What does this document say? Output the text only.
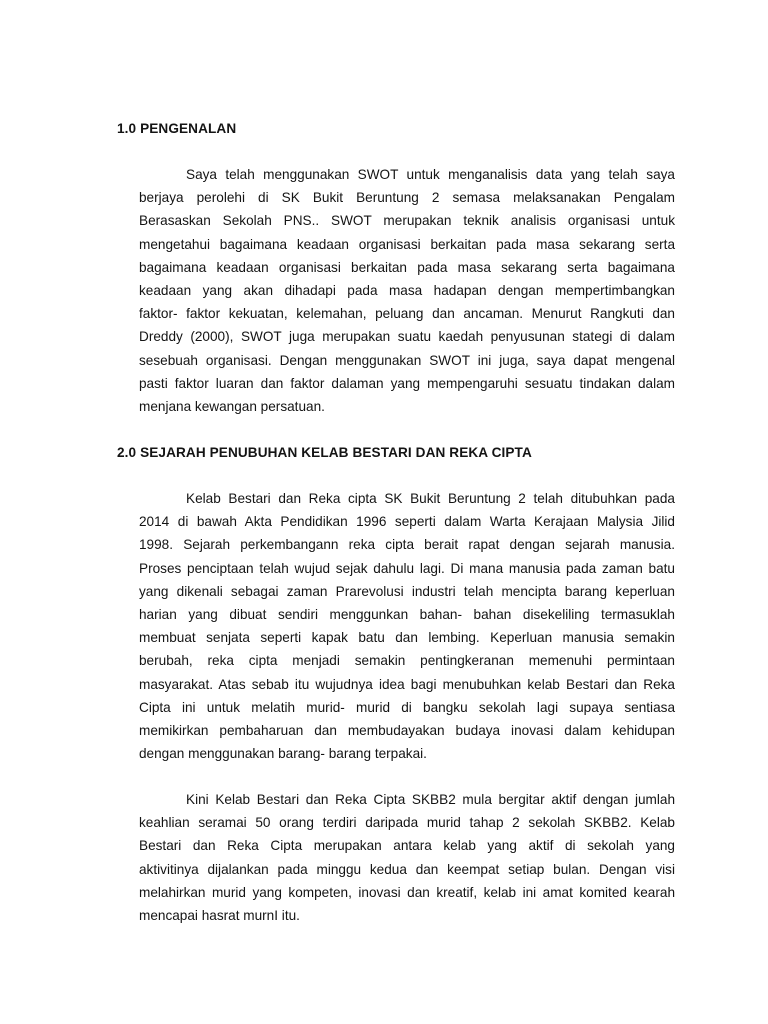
1.0 PENGENALAN
Saya telah menggunakan SWOT untuk menganalisis data yang telah saya
berjaya perolehi di SK Bukit Beruntung 2 semasa melaksanakan Pengalam
Berasaskan Sekolah PNS.. SWOT merupakan teknik analisis organisasi untuk
mengetahui bagaimana keadaan organisasi berkaitan pada masa sekarang serta
bagaimana keadaan organisasi berkaitan pada masa sekarang serta bagaimana
keadaan yang akan dihadapi pada masa hadapan dengan mempertimbangkan
faktor- faktor kekuatan, kelemahan, peluang dan ancaman. Menurut Rangkuti dan
Dreddy (2000), SWOT juga merupakan suatu kaedah penyusunan stategi di dalam
sesebuah organisasi. Dengan menggunakan SWOT ini juga, saya dapat mengenal
pasti faktor luaran dan faktor dalaman yang mempengaruhi sesuatu tindakan dalam
menjana kewangan persatuan.
2.0 SEJARAH PENUBUHAN KELAB BESTARI DAN REKA CIPTA
Kelab Bestari dan Reka cipta SK Bukit Beruntung 2 telah ditubuhkan pada
2014 di bawah Akta Pendidikan 1996 seperti dalam Warta Kerajaan Malysia Jilid
1998. Sejarah perkembangann reka cipta berait rapat dengan sejarah manusia.
Proses penciptaan telah wujud sejak dahulu lagi. Di mana manusia pada zaman batu
yang dikenali sebagai zaman Prarevolusi industri telah mencipta barang keperluan
harian yang dibuat sendiri menggunkan bahan- bahan disekeliling termasuklah
membuat senjata seperti kapak batu dan lembing. Keperluan manusia semakin
berubah, reka cipta menjadi semakin pentingkeranan memenuhi permintaan
masyarakat. Atas sebab itu wujudnya idea bagi menubuhkan kelab Bestari dan Reka
Cipta ini untuk melatih murid- murid di bangku sekolah lagi supaya sentiasa
memikirkan pembaharuan dan membudayakan budaya inovasi dalam kehidupan
dengan menggunakan barang- barang terpakai.
Kini Kelab Bestari dan Reka Cipta SKBB2 mula bergitar aktif dengan jumlah
keahlian seramai 50 orang terdiri daripada murid tahap 2 sekolah SKBB2. Kelab
Bestari dan Reka Cipta merupakan antara kelab yang aktif di sekolah yang
aktivitinya dijalankan pada minggu kedua dan keempat setiap bulan. Dengan visi
melahirkan murid yang kompeten, inovasi dan kreatif, kelab ini amat komited kearah
mencapai hasrat murnI itu.
